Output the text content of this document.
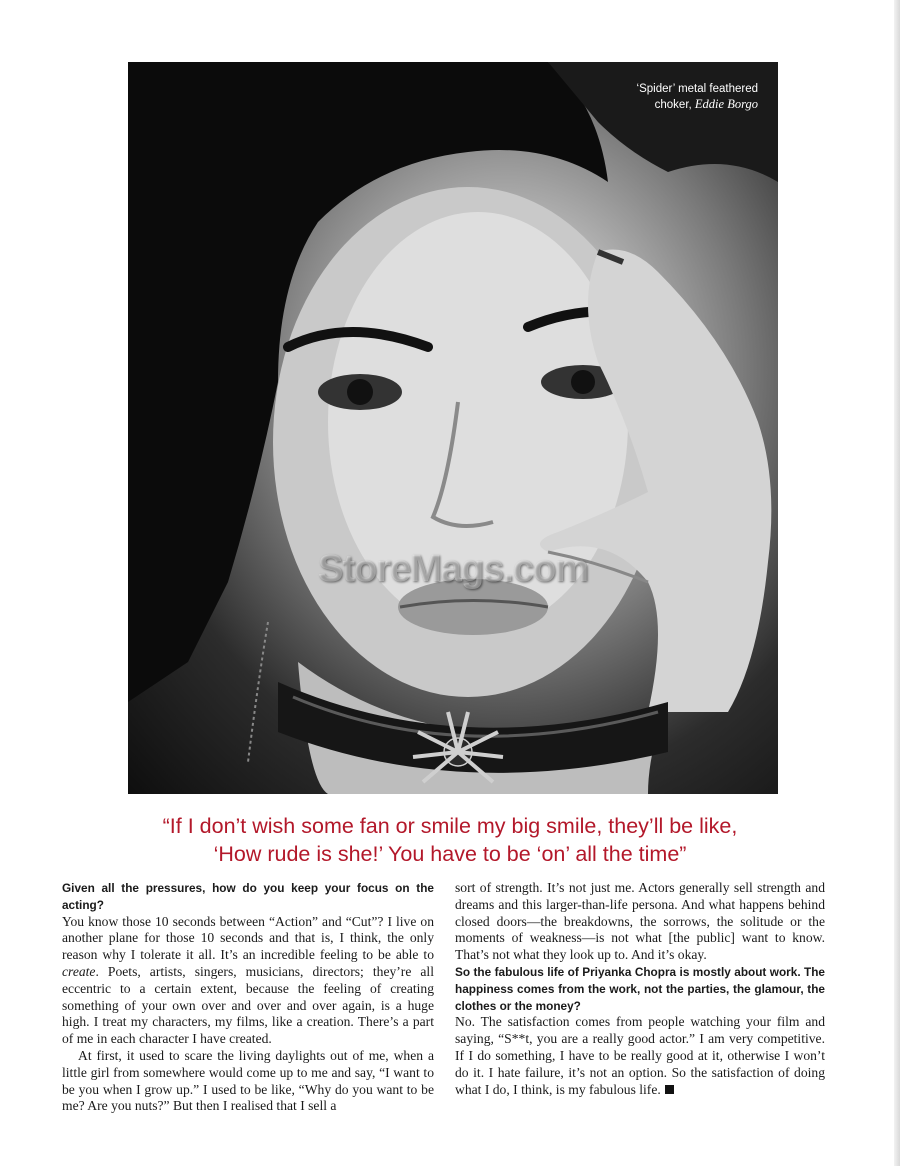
‘Spider’ metal feathered
choker, Eddie Borgo
StoreMags.com
“If I don’t wish some fan or smile my big smile, they’ll be like,
‘How rude is she!’ You have to be ‘on’ all the time”
Given all the pressures, how do you keep your focus on the acting?
You know those 10 seconds between “Action” and “Cut”? I live on another plane for those 10 seconds and that is, I think, the only reason why I tolerate it all. It’s an incredible feeling to be able to create. Poets, artists, singers, musicians, directors; they’re all eccentric to a certain extent, because the feeling of creating something of your own over and over and over again, is a huge high. I treat my characters, my films, like a creation. There’s a part of me in each character I have created.
At first, it used to scare the living daylights out of me, when a little girl from somewhere would come up to me and say, “I want to be you when I grow up.” I used to be like, “Why do you want to be me? Are you nuts?” But then I realised that I sell a
sort of strength. It’s not just me. Actors generally sell strength and dreams and this larger-than-life persona. And what happens behind closed doors—the breakdowns, the sorrows, the solitude or the moments of weakness—is not what [the public] want to know. That’s not what they look up to. And it’s okay.
So the fabulous life of Priyanka Chopra is mostly about work. The happiness comes from the work, not the parties, the glamour, the clothes or the money?
No. The satisfaction comes from people watching your film and saying, “S**t, you are a really good actor.” I am very competitive. If I do something, I have to be really good at it, otherwise I won’t do it. I hate failure, it’s not an option. So the satisfaction of doing what I do, I think, is my fabulous life.
